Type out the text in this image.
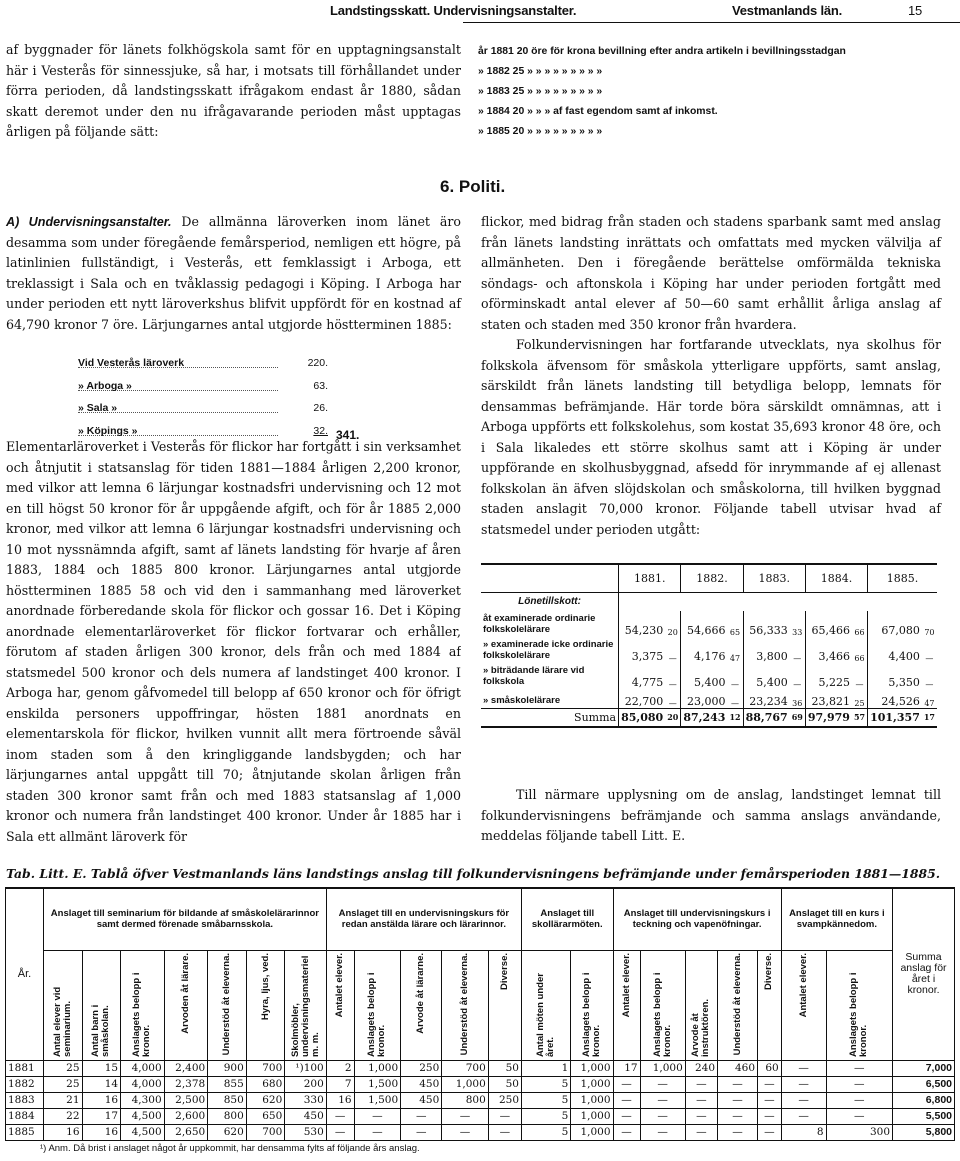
Landstingsskatt. Undervisningsanstalter.	Vestmanlands län.	15
af byggnader för länets folkhögskola samt för en upptagningsanstalt här i Vesterås för sinnessjuke, så har, i motsats till förhållandet under förra perioden, då landstingsskatt ifrågakom endast år 1880, sådan skatt deremot under den nu ifrågavarande perioden måst upptagas årligen på följande sätt:
år 1881 20 öre för krona bevillning efter andra artikeln i bevillningsstadgan
» 1882 25 » » » » » » » » »
» 1883 25 » » » » » » » » »
» 1884 20 » » » af fast egendom samt af inkomst.
» 1885 20 » » » » » » » » »
6. Politi.
A) Undervisningsanstalter. De allmänna läroverken inom länet äro desamma som under föregående femårsperiod, nemligen ett högre, på latinlinien fullständigt, i Vesterås, ett femklassigt i Arboga, ett treklassigt i Sala och en tvåklassig pedagogi i Köping. I Arboga har under perioden ett nytt läroverkshus blifvit uppfördt för en kostnad af 64,790 kronor 7 öre. Lärjungarnes antal utgjorde höstterminen 1885:
Vid Vesterås läroverk	220.
» Arboga »	63.
» Sala »	26.
» Köpings »	32. 341.
Elementarläroverket i Vesterås för flickor har fortgått i sin verksamhet och åtnjutit i statsanslag för tiden 1881—1884 årligen 2,200 kronor, med vilkor att lemna 6 lärjungar kostnadsfri undervisning och 12 mot en till högst 50 kronor för år uppgående afgift, och för år 1885 2,000 kronor, med vilkor att lemna 6 lärjungar kostnadsfri undervisning och 10 mot nyssnämnda afgift, samt af länets landsting för hvarje af åren 1883, 1884 och 1885 800 kronor. Lärjungarnes antal utgjorde höstterminen 1885 58 och vid den i sammanhang med läroverket anordnade förberedande skola för flickor och gossar 16. Det i Köping anordnade elementarläroverket för flickor fortvarar och erhåller, förutom af staden årligen 300 kronor, dels från och med 1884 af statsmedel 500 kronor och dels numera af landstinget 400 kronor. I Arboga har, genom gåfvomedel till belopp af 650 kronor och för öfrigt enskilda personers uppoffringar, hösten 1881 anordnats en elementarskola för flickor, hvilken vunnit allt mera förtroende såväl inom staden som å den kringliggande landsbygden; och har lärjungarnes antal uppgått till 70; åtnjutande skolan årligen från staden 300 kronor samt från och med 1883 statsanslag af 1,000 kronor och numera från landstinget 400 kronor. Under år 1885 har i Sala ett allmänt läroverk för
flickor, med bidrag från staden och stadens sparbank samt med anslag från länets landsting inrättats och omfattats med mycken välvilja af allmänheten. Den i föregående berättelse omförmälda tekniska söndags- och aftonskola i Köping har under perioden fortgått med oförminskadt antal elever af 50—60 samt erhållit årliga anslag af staten och staden med 350 kronor från hvardera.
Folkundervisningen har fortfarande utvecklats, nya skolhus för folkskola äfvensom för småskola ytterligare uppförts, samt anslag, särskildt från länets landsting till betydliga belopp, lemnats för densammas befrämjande. Här torde böra särskildt omnämnas, att i Arboga uppförts ett folkskolehus, som kostat 35,693 kronor 48 öre, och i Sala likaledes ett större skolhus samt att i Köping är under uppförande en skolhusbyggnad, afsedd för inrymmande af ej allenast folkskolan än äfven slöjdskolan och småskolorna, till hvilken byggnad staden anslagit 70,000 kronor. Följande tabell utvisar hvad af statsmedel under perioden utgått:
	1881.		1882.		1883.		1884.		1885.	
Lönetillskott:										
åt examinerade ordinarie folkskolelärare	54,230	20	54,666	65	56,333	33	65,466	66	67,080	70
» examinerade icke ordinarie folkskolelärare	3,375	—	4,176	47	3,800	—	3,466	66	4,400	—
» biträdande lärare vid folkskola	4,775	—	5,400	—	5,400	—	5,225	—	5,350	—
» småskolelärare	22,700	—	23,000	—	23,234	36	23,821	25	24,526	47
Summa	85,080	20	87,243	12	88,767	69	97,979	57	101,357	17
Till närmare upplysning om de anslag, landstinget lemnat till folkundervisningens befrämjande och samma anslags användande, meddelas följande tabell Litt. E.
Tab. Litt. E. Tablå öfver Vestmanlands läns landstings anslag till folkundervisningens befrämjande under femårsperioden 1881—1885.
År.	Anslaget till seminarium för bildande af småskolelärarinnor samt dermed förenade småbarnsskola.							Anslaget till en undervisningskurs för redan anstälda lärare och lärarinnor.					Anslaget till skollärarmöten.		Anslaget till undervisningskurs i teckning och vapenöfningar.					Anslaget till en kurs i svampkännedom.		Summa anslag för året i kronor.
	Antal elever vid seminarium.	Antal barn i småskolan.	Anslagets belopp i kronor.	Arvoden åt lärare.	Understöd åt eleverna.	Hyra, ljus, ved.	Skolmöbler, undervisningsmateriel m. m.	Antalet elever.	Anslagets belopp i kronor.	Arvode åt lärarne.	Understöd åt eleverna.	Diverse.	Antal möten under året.	Anslagets belopp i kronor.	Antalet elever.	Anslagets belopp i kronor.	Arvode åt instruktören.	Understöd åt eleverna.	Diverse.	Antalet elever.	Anslagets belopp i kronor.	
1881	25	15	4,000	2,400	900	700	¹)100	2	1,000	250	700	50	1	1,000	17	1,000	240	460	60	—	—	7,000
1882	25	14	4,000	2,378	855	680	200	7	1,500	450	1,000	50	5	1,000	—	—	—	—	—	—	—	6,500
1883	21	16	4,300	2,500	850	620	330	16	1,500	450	800	250	5	1,000	—	—	—	—	—	—	—	6,800
1884	22	17	4,500	2,600	800	650	450	—	—	—	—	—	5	1,000	—	—	—	—	—	—	—	5,500
1885	16	16	4,500	2,650	620	700	530	—	—	—	—	—	5	1,000	—	—	—	—	—	8	300	5,800
¹) Anm. Då brist i anslaget något år uppkommit, har densamma fylts af följande års anslag.
